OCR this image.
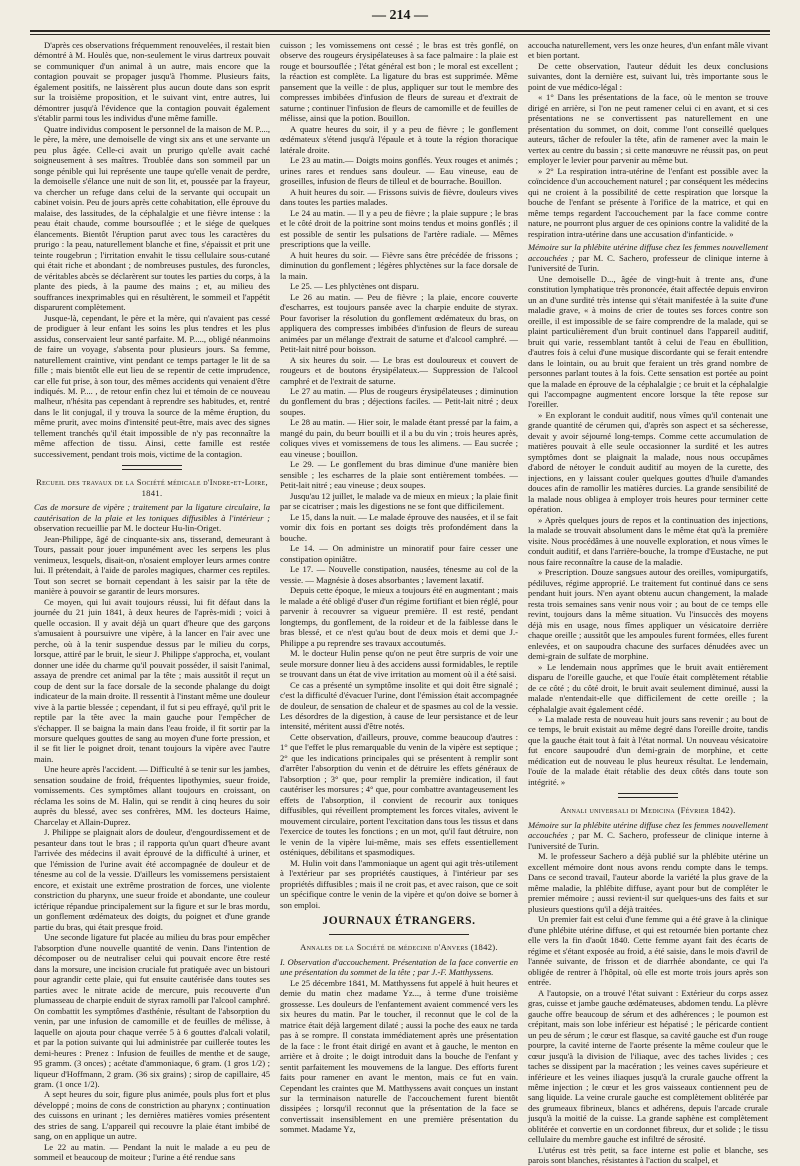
— 214 —

D'après ces observations fréquemment renouvelées, il restait bien démontré à M. Houlès que, non-seulement le virus dartreux pouvait se communiquer d'un animal à un autre, mais encore que la contagion pouvait se propager jusqu'à l'homme. Plusieurs faits, également positifs, ne laissèrent plus aucun doute dans son esprit sur la troisième proposition, et le suivant vint, entre autres, lui démontrer jusqu'à l'évidence que la contagion pouvait également s'établir parmi tous les individus d'une même famille.

Quatre individus composent le personnel de la maison de M. P...., le père, la mère, une demoiselle de vingt six ans et une servante un peu plus âgée. Celle-ci avait un prurigo qu'elle avait caché soigneusement à ses maîtres. Troublée dans son sommeil par un songe pénible qui lui représente une taupe qu'elle venait de perdre, la demoiselle s'élance une nuit de son lit, et, poussée par la frayeur, va chercher un refuge dans celui de la servante qui occupait un cabinet voisin. Peu de jours après cette cohabitation, elle éprouve du malaise, des lassitudes, de la céphalalgie et une fièvre intense : la peau était chaude, comme boursouflée ; et le siége de quelques élancements. Bientôt l'éruption parut avec tous les caractères du prurigo : la peau, naturellement blanche et fine, s'épaissit et prit une teinte rougebrun ; l'irritation envahit le tissu cellulaire sous-cutané qui était riche et abondant ; de nombreuses pustules, des furoncles, de véritables abcès se déclarèrent sur toutes les parties du corps, à la plante des pieds, à la paume des mains ; et, au milieu des souffrances inexprimables qui en résultèrent, le sommeil et l'appétit disparurent complètement.

Jusque-là, cependant, le père et la mère, qui n'avaient pas cessé de prodiguer à leur enfant les soins les plus tendres et les plus assidus, conservaient leur santé parfaite. M. P....., obligé néanmoins de faire un voyage, s'absenta pour plusieurs jours. Sa femme, naturellement craintive, vint pendant ce temps partager le lit de sa fille ; mais bientôt elle eut lieu de se repentir de cette imprudence, car elle fut prise, à son tour, des mêmes accidents qui venaient d'être indiqués. M. P.... , de retour enfin chez lui et témoin de ce nouveau malheur, n'hésita pas cependant à reprendre ses habitudes, et, rentré dans le lit conjugal, il y trouva la source de la même éruption, du même prurit, avec moins d'intensité peut-être, mais avec des signes tellement tranchés qu'il était impossible de n'y pas reconnaître la même affection de tissu. Ainsi, cette famille est restée successivement, pendant trois mois, victime de la contagion.

Recueil des travaux de la Société médicale d'Indre-et-Loire, 1841.

Cas de morsure de vipère ; traitement par la ligature circulaire, la cautérisation de la plaie et les toniques diffusibles à l'intérieur ; observation recueillie par M. le docteur Hu-lin-Origet.

Jean-Philippe, âgé de cinquante-six ans, tisserand, demeurant à Tours, passait pour jouer impunément avec les serpens les plus venimeux, lesquels, disait-on, n'osaient employer leurs armes contre lui. Il prétendait, à l'aide de paroles magiques, charmer ces reptiles. Tout son secret se bornait cependant à les saisir par la tête de manière à pouvoir se garantir de leurs morsures.

Ce moyen, qui lui avait toujours réussi, lui fit défaut dans la journée du 21 juin 1841, à deux heures de l'après-midi ; voici à quelle occasion. Il y avait déjà un quart d'heure que des garçons s'amusaient à poursuivre une vipère, à la lancer en l'air avec une perche, où à la tenir suspendue dessus par le milieu du corps, lorsque, attiré par le bruit, le sieur J. Philippe s'approcha, et, voulant donner une idée du charme qu'il pouvait posséder, il saisit l'animal, assaya de prendre cet animal par la tête ; mais aussitôt il reçut un coup de dent sur la face dorsale de la seconde phalange du doigt indicateur de la main droite. Il ressentit à l'instant même une douleur vive à la partie blessée ; cependant, il fut si peu effrayé, qu'il prit le reptile par la tête avec la main gauche pour l'empêcher de s'échapper. Il se baigna la main dans l'eau froide, il fit sortir par la morsure quelques gouttes de sang au moyen d'une forte pression, et il se fit lier le poignet droit, tenant toujours la vipère avec l'autre main.

Une heure après l'accident. — Difficulté à se tenir sur les jambes, sensation soudaine de froid, fréquentes lipothymies, sueur froide, vomissements. Ces symptômes allant toujours en croissant, on réclama les soins de M. Halin, qui se rendit à cinq heures du soir auprès du blessé, avec ses confrères, MM. les docteurs Haime, Charcelay et Allain-Duprez.

J. Philippe se plaignait alors de douleur, d'engourdissement et de pesanteur dans tout le bras ; il rapporta qu'un quart d'heure avant l'arrivée des médecins il avait éprouvé de la difficulté à uriner, et que l'émission de l'urine avait été accompagnée de douleur et de ténesme au col de la vessie. D'ailleurs les vomissemens persistaient encore, et existait une extrême prostration de forces, une violente constriction du pharynx, une sueur froide et abondante, une couleur ictérique répandue principalement sur la figure et sur le bras mordu, un gonflement œdémateux des doigts, du poignet et d'une grande partie du bras, qui était presque froid.

Une seconde ligature fut placée au milieu du bras pour empêcher l'absorption d'une nouvelle quantité de venin. Dans l'intention de décomposer ou de neutraliser celui qui pouvait encore être resté dans la morsure, une incision cruciale fut pratiquée avec un bistouri pour agrandir cette plaie, qui fut ensuite cautérisée dans toutes ses parties avec le nitrate acide de mercure, puis recouverte d'un plumasseau de charpie enduit de styrax ramolli par l'alcool camphré. On combattit les symptômes d'asthénie, résultant de l'absorption du venin, par une infusion de camomille et de feuilles de mélisse, à laquelle on ajouta pour chaque verrée 5 à 6 gouttes d'alcali volatil, et par la potion suivante qui lui administrée par cuillerée toutes les demi-heures : Prenez : Infusion de feuilles de menthe et de sauge, 95 gramm. (3 onces) ; acétate d'ammoniaque, 6 gram. (1 gros 1/2) ; liqueur d'Hoffmann, 2 gram. (36 six grains) ; sirop de capillaire, 45 gram. (1 once 1/2).

A sept heures du soir, figure plus animée, pouls plus fort et plus développé ; moins de cons de constriction au pharynx ; continuation des cuissons en urinant ; les dernières matières vomies présentent des stries de sang. L'appareil qui recouvre la plaie étant imbibé de sang, on en applique un autre.

Le 22 au matin. — Pendant la nuit le malade a eu peu de sommeil et beaucoup de moiteur ; l'urine a été rendue sans

cuisson ; les vomissemens ont cessé ; le bras est très gonflé, on observe des rougeurs érysipélateuses à sa face palmaire : la plaie est rouge et boursouflée ; l'état général est bon ; le moral est excellent ; la réaction est complète. La ligature du bras est supprimée. Même pansement que la veille : de plus, appliquer sur tout le membre des compresses imbibées d'infusion de fleurs de sureau et d'extrait de saturne ; continuer l'infusion de fleurs de camomille et de feuilles de mélisse, ainsi que la potion. Bouillon.

A quatre heures du soir, il y a peu de fièvre ; le gonflement œdémateux s'étend jusqu'à l'épaule et à toute la région thoracique latérale droite.

Le 23 au matin.— Doigts moins gonflés. Yeux rouges et animés ; urines rares et rendues sans douleur. — Eau vineuse, eau de groseilles, infusion de fleurs de tilleul et de bourrache. Bouillon.

A huit heures du soir. — Frissons suivis de fièvre, douleurs vives dans toutes les parties malades.

Le 24 au matin. — Il y a peu de fièvre ; la plaie suppure ; le bras et le côté droit de la poitrine sont moins tendus et moins gonflés ; il est possible de sentir les pulsations de l'artère radiale. — Mêmes prescriptions que la veille.

A huit heures du soir. — Fièvre sans être précédée de frissons ; diminution du gonflement ; légères phlyctènes sur la face dorsale de la main.

Le 25. — Les phlyctènes ont disparu.

Le 26 au matin. — Peu de fièvre ; la plaie, encore couverte d'escharres, est toujours pansée avec la charpie enduite de styrax. Pour favoriser la résolution du gonflement œdémateux du bras, on appliquera des compresses imbibées d'infusion de fleurs de sureau animées par un mélange d'extrait de saturne et d'alcool camphré. — Petit-lait nitré pour boisson.

A six heures du soir. — Le bras est douloureux et couvert de rougeurs et de boutons érysipélateux.— Suppression de l'alcool camphré et de l'extrait de saturne.

Le 27 au matin. — Plus de rougeurs érysipélateuses ; diminution du gonflement du bras ; déjections faciles. — Petit-lait nitré ; deux soupes.

Le 28 au matin. — Hier soir, le malade étant pressé par la faim, a mangé du pain, du beurr bouilli et il a bu du vin ; trois heures après, coliques vives et vomissemens de tous les alimens. — Eau sucrée ; eau vineuse ; bouillon.

Le 29. — Le gonflement du bras diminue d'une manière bien sensible ; les escharres de la plaie sont entièrement tombées. — Petit-lait nitré ; eau vineuse ; deux soupes.

Jusqu'au 12 juillet, le malade va de mieux en mieux ; la plaie finit par se cicatriser ; mais les digestions ne se font que difficilement.

Le 15, dans la nuit. — Le malade éprouve des nausées, et il se fait vomir dix fois en portant ses doigts très profondément dans la bouche.

Le 14. — On administre un minoratif pour faire cesser une constipation opiniâtre.

Le 17. — Nouvelle constipation, nausées, ténesme au col de la vessie. — Magnésie à doses absorbantes ; lavement laxatif.

Depuis cette époque, le mieux a toujours été en augmentant ; mais le malade a été obligé d'user d'un régime fortifiant et bien réglé, pour parvenir à recouvrer sa vigueur première. Il est resté, pendant longtemps, du gonflement, de la roideur et de la faiblesse dans le bras blessé, et ce n'est qu'au bout de deux mois et demi que J.-Philippe a pu reprendre ses travaux accoutumés.

M. le docteur Hulin pense qu'on ne peut être surpris de voir une seule morsure donner lieu à des accidens aussi formidables, le reptile se trouvant dans un état de vive irritation au moment où il a été saisi.

Ce cas a présenté un symptôme insolite et qui doit être signalé ; c'est la difficulté d'évacuer l'urine, dont l'émission était accompagnée de douleur, de sensation de chaleur et de spasmes au col de la vessie. Les désordres de la digestion, à cause de leur persistance et de leur intensité, méritent aussi d'être notés.

Cette observation, d'ailleurs, prouve, comme beaucoup d'autres : 1° que l'effet le plus remarquable du venin de la vipère est septique ; 2° que les indications principales qui se présentent à remplir sont d'arrêter l'absorption du venin et de détruire les effets généraux de l'absorption ; 3° que, pour remplir la première indication, il faut cautériser les morsures ; 4° que, pour combattre avantageusement les effets de l'absorption, il convient de recourir aux toniques diffusibles, qui réveillent promptement les forces vitales, avivent le mouvement circulaire, portent l'excitation dans tous les tissus et dans l'exercice de toutes les fonctions ; en un mot, qu'il faut détruire, non le venin de la vipère lui-même, mais ses effets essentiellement osténiques, débilitans et spasmodiques.

M. Hulin voit dans l'ammoniaque un agent qui agit très-utilement à l'extérieur par ses propriétés caustiques, à l'intérieur par ses propriétés diffusibles ; mais il ne croit pas, et avec raison, que ce soit un spécifique contre le venin de la vipère et qu'on doive se borner à son emploi.

JOURNAUX ÉTRANGERS.
Annales de la Société de médecine d'Anvers (1842).

I. Observation d'accouchement. Présentation de la face convertie en une présentation du sommet de la tête ; par J.-F. Matthyssens.

Le 25 décembre 1841, M. Matthyssens fut appelé à huit heures et demie du matin chez madame Yz..., à terme d'une troisième grossesse. Les douleurs de l'enfantement avaient commencé vers les six heures du matin. Par le toucher, il reconnut que le col de la matrice était déjà largement dilaté ; aussi la poche des eaux ne tarda pas à se rompre. Il constata immédiatement après une présentation de la face : le front était dirigé en avant et à gauche, le menton en arrière et à droite ; le doigt introduit dans la bouche de l'enfant y sentit parfaitement les mouvemens de la langue. Des efforts furent faits pour ramener en avant le menton, mais ce fut en vain. Cependant les craintes que M. Matthyssens avait conçues un instant sur la terminaison naturelle de l'accouchement furent bientôt dissipées ; lorsqu'il reconnut que la présentation de la face se convertissait insensiblement en une première présentation du sommet. Madame Yz,

accoucha naturellement, vers les onze heures, d'un enfant mâle vivant et bien portant.

De cette observation, l'auteur déduit les deux conclusions suivantes, dont la dernière est, suivant lui, très importante sous le point de vue médico-légal :

« 1° Dans les présentations de la face, où le menton se trouve dirigé en arrière, si l'on ne peut ramener celui ci en avant, et si ces présentations ne se convertissent pas naturellement en une présentation du sommet, on doit, comme l'ont conseillé quelques auteurs, tâcher de refouler la tête, afin de ramener avec la main le vertex au centre du bassin ; si cette manœuvre ne réussit pas, on peut employer le levier pour parvenir au même but.

» 2° La respiration intra-utérine de l'enfant est possible avec la coïncidence d'un accouchement naturel ; par conséquent les médecins qui ne croient à la possibilité de cette respiration que lorsque la bouche de l'enfant se présente à l'orifice de la matrice, et qui en même temps regardent l'accouchement par la face comme contre nature, ne pourront plus arguer de ces opinions contre la validité de la respiration intra-utérine dans une accusation d'infanticide. »

Mémoire sur la phlébite utérine diffuse chez les femmes nouvellement accouchées ; par M. C. Sachero, professeur de clinique interne à l'université de Turin.

Une demoiselle D..., âgée de vingt-huit à trente ans, d'une constitution lymphatique très prononcée, était affectée depuis environ un an d'une surdité très intense qui s'était manifestée à la suite d'une maladie grave, « à moins de crier de toutes ses forces contre son oreille, il est impossible de se faire comprendre de la malade, qui se plaint particulièrement d'un bruit continuel dans l'appareil auditif, bruit qui varie, ressemblant tantôt à celui de l'eau en ébullition, d'autres fois à celui d'une musique discordante qui se ferait entendre dans le lointain, ou au bruit que feraient un très grand nombre de personnes parlant toutes à la fois. Cette sensation est portée au point que la malade en éprouve de la céphalalgie ; ce bruit et la céphalalgie qui l'accompagne augmentent encore lorsque la tête repose sur l'oreiller.

» En explorant le conduit auditif, nous vîmes qu'il contenait une grande quantité de cérumen qui, d'après son aspect et sa sécheresse, devait y avoir séjourné long-temps. Comme cette accumulation de matières pouvait à elle seule occasionner la surdité et les autres symptômes dont se plaignait la malade, nous nous occupâmes d'abord de nétoyer le conduit auditif au moyen de la curette, des injections, en y laissant couler quelques gouttes d'huile d'amandes douces afin de ramollir les matières durcies. La grande sensibilité de la malade nous obligea à employer trois heures pour terminer cette opération.

» Après quelques jours de repos et la continuation des injections, la malade se trouvait absolument dans le même état qu'à la première visite. Nous procédâmes à une nouvelle exploration, et nous vîmes le conduit auditif, et dans l'arrière-bouche, la trompe d'Eustache, ne put nous faire reconnaître la cause de la maladie.

» Prescription. Douze sangsues autour des oreilles, vomipurgatifs, pédiluves, régime approprié. Le traitement fut continué dans ce sens pendant huit jours. N'en ayant obtenu aucun changement, la malade resta trois semaines sans venir nous voir ; au bout de ce temps elle revint, toujours dans la même situation. Vu l'insuccès des moyens déjà mis en usage, nous fîmes appliquer un vésicatoire derrière chaque oreille ; aussitôt que les ampoules furent formées, elles furent enlevées, et on saupoudra chacune des surfaces dénudées avec un demi-grain de sulfate de morphine.

» Le lendemain nous apprîmes que le bruit avait entièrement disparu de l'oreille gauche, et que l'ouïe était complètement rétablie de ce côté ; du côté droit, le bruit avait seulement diminué, aussi la malade n'entendait-elle que difficilement de cette oreille ; la céphalalgie avait également cédé.

» La malade resta de nouveau huit jours sans revenir ; au bout de ce temps, le bruit existait au même degré dans l'oreille droite, tandis que la gauche était tout à fait à l'état normal. Un nouveau vésicatoire fut encore saupoudré d'un demi-grain de morphine, et cette médication eut de nouveau le plus heureux résultat. Le lendemain, l'ouïe de la malade était rétablie des deux côtés dans toute son intégrité. »

Annali universali di Medicina (Février 1842).

Mémoire sur la phlébite utérine diffuse chez les femmes nouvellement accouchées ; par M. C. Sachero, professeur de clinique interne à l'université de Turin.

M. le professeur Sachero a déjà publié sur la phlébite utérine un excellent mémoire dont nous avons rendu compte dans le temps. Dans ce second travail, l'auteur aborde la variété la plus grave de la même maladie, la phlébite diffuse, ayant pour but de compléter le premier mémoire ; aussi revient-il sur quelques-uns des faits et sur plusieurs questions qu'il a déjà traitées.

Un premier fait est celui d'une femme qui a été grave à la clinique d'une phlébite utérine diffuse, et qui est retournée bien portante chez elle vers la fin d'août 1840. Cette femme ayant fait des écarts de régime et s'étant exposée au froid, a été saisie, dans le mois d'avril de l'année suivante, de frisson et de diarrhée abondante, ce qui l'a obligée de rentrer à l'hôpital, où elle est morte trois jours après son entrée.

A l'autopsie, on a trouvé l'état suivant : Extérieur du corps assez gras, cuisse et jambe gauche œdémateuses, abdomen tendu. La plèvre gauche offre beaucoup de sérum et des adhérences ; le poumon est crépitant, mais son lobe inférieur est hépatisé ; le péricarde contient un peu de sérum ; le cœur est flasque, sa cavité gauche est d'un rouge pourpre, la cavité interne de l'aorte présente la même couleur que le cœur jusqu'à la division de l'iliaque, avec des taches livides ; ces taches se dissipent par la macération ; les veines caves supérieure et inférieure et les veines iliaques jusqu'à la crurale gauche offrent la même injection ; le cœur et les gros vaisseaux contiennent peu de sang liquide. La veine crurale gauche est complètement oblitérée par des grumeaux fibrineux, blancs et adhérens, depuis l'arcade crurale jusqu'à la moitié de la cuisse. La grande saphène est complètement oblitérée et convertie en un cordonnet fibreux, dur et solide ; le tissu cellulaire du membre gauche est infiltré de sérosité.

L'utérus est très petit, sa face interne est polie et blanche, ses parois sont blanches, résistantes à l'action du scalpel, et
